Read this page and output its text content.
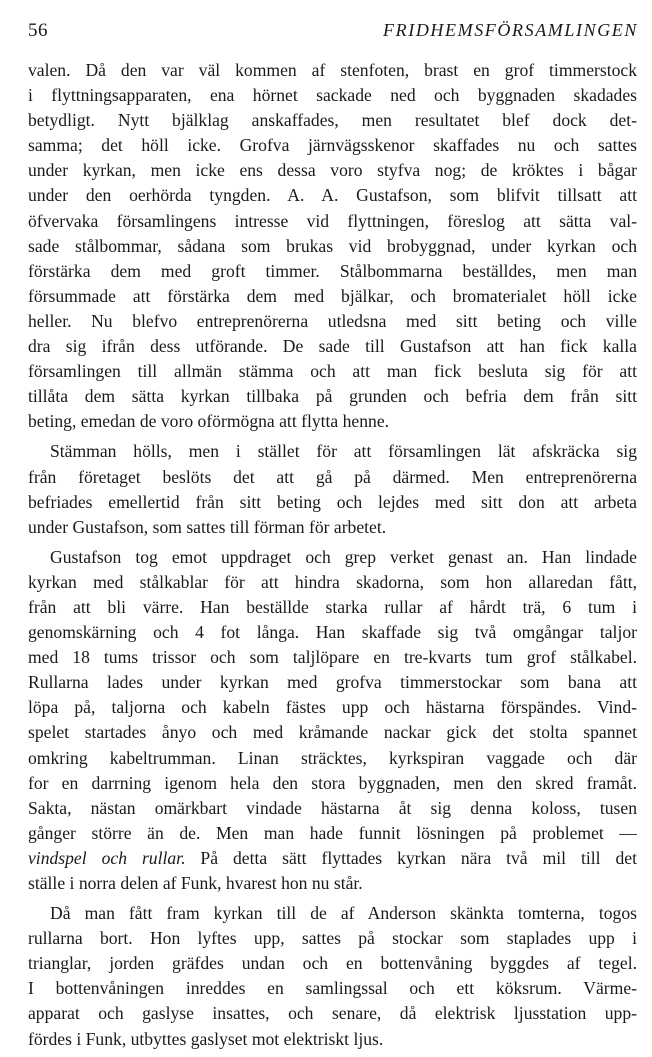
56	FRIDHEMSFÖRSAMLINGEN
valen. Då den var väl kommen af stenfoten, brast en grof timmerstock
i flyttningsapparaten, ena hörnet sackade ned och byggnaden skadades
betydligt. Nytt bjälklag anskaffades, men resultatet blef dock det-
samma; det höll icke. Grofva järnvägsskenor skaffades nu och sattes
under kyrkan, men icke ens dessa voro styfva nog; de kröktes i bågar
under den oerhörda tyngden. A. A. Gustafson, som blifvit tillsatt att
öfvervaka församlingens intresse vid flyttningen, föreslog att sätta val-
sade stålbommar, sådana som brukas vid brobyggnad, under kyrkan och
förstärka dem med groft timmer. Stålbommarna beställdes, men man
försummade att förstärka dem med bjälkar, och bromaterialet höll icke
heller. Nu blefvo entreprenörerna utledsna med sitt beting och ville
dra sig ifrån dess utförande. De sade till Gustafson att han fick kalla
församlingen till allmän stämma och att man fick besluta sig för att
tillåta dem sätta kyrkan tillbaka på grunden och befria dem från sitt
beting, emedan de voro oförmögna att flytta henne.
Stämman hölls, men i stället för att församlingen lät afskräcka sig
från företaget beslöts det att gå på därmed. Men entreprenörerna
befriades emellertid från sitt beting och lejdes med sitt don att arbeta
under Gustafson, som sattes till förman för arbetet.
Gustafson tog emot uppdraget och grep verket genast an. Han lindade
kyrkan med stålkablar för att hindra skadorna, som hon allaredan fått,
från att bli värre. Han beställde starka rullar af hårdt trä, 6 tum i
genomskärning och 4 fot långa. Han skaffade sig två omgångar taljor
med 18 tums trissor och som taljlöpare en tre-kvarts tum grof stålkabel.
Rullarna lades under kyrkan med grofva timmerstockar som bana att
löpa på, taljorna och kabeln fästes upp och hästarna förspändes. Vind-
spelet startades ånyo och med kråmande nackar gick det stolta spannet
omkring kabeltrumman. Linan sträcktes, kyrkspiran vaggade och där
for en darrning igenom hela den stora byggnaden, men den skred framåt.
Sakta, nästan omärkbart vindade hästarna åt sig denna koloss, tusen
gånger större än de. Men man hade funnit lösningen på problemet —
vindspel och rullar. På detta sätt flyttades kyrkan nära två mil till det
ställe i norra delen af Funk, hvarest hon nu står.
Då man fått fram kyrkan till de af Anderson skänkta tomterna, togos
rullarna bort. Hon lyftes upp, sattes på stockar som staplades upp i
trianglar, jorden gräfdes undan och en bottenvåning byggdes af tegel.
I bottenvåningen inreddes en samlingssal och ett köksrum. Värme-
apparat och gaslyse insattes, och senare, då elektrisk ljusstation upp-
fördes i Funk, utbyttes gaslyset mot elektriskt ljus.
